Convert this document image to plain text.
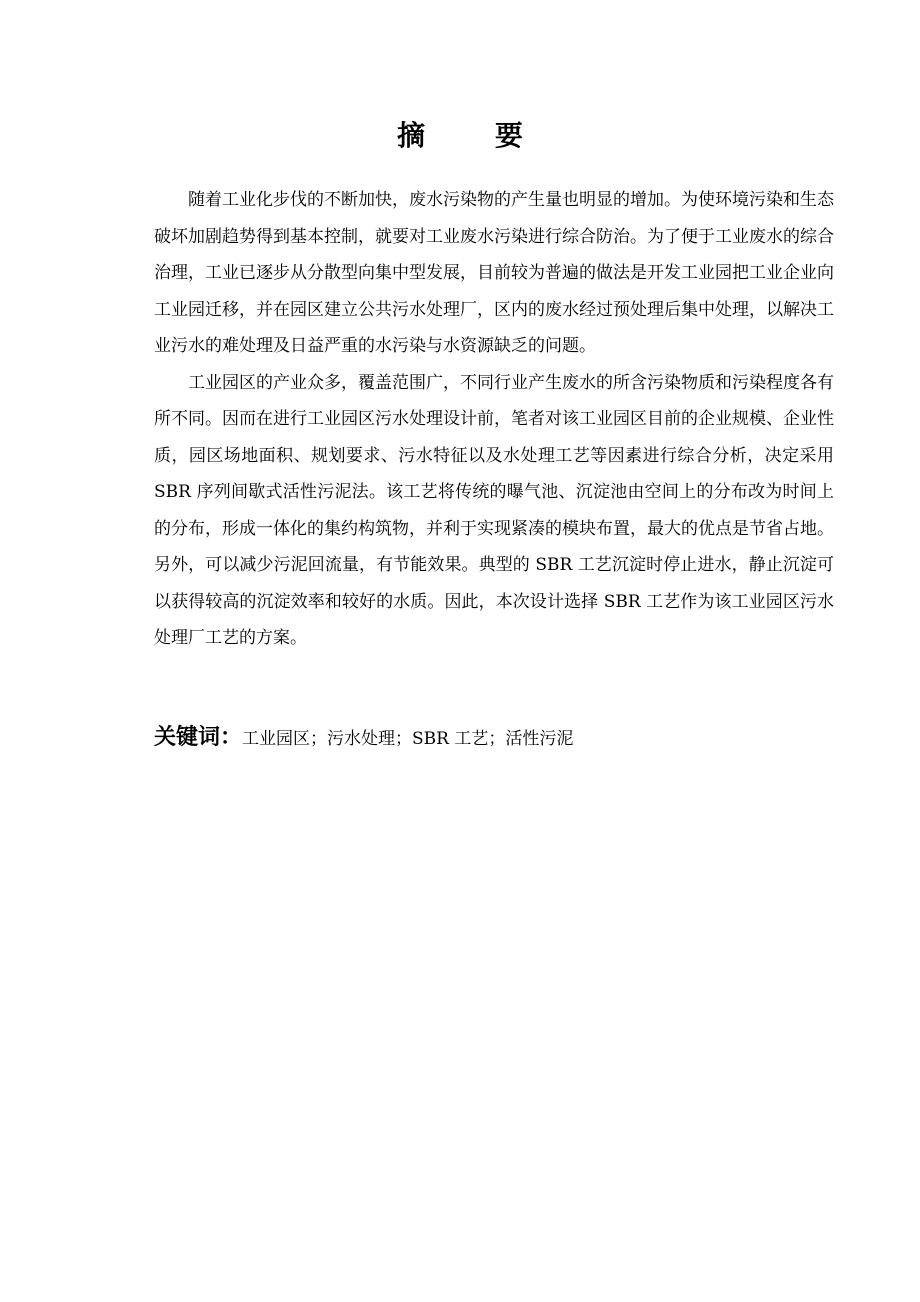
摘 要

随着工业化步伐的不断加快，废水污染物的产生量也明显的增加。为使环境污染和生态破坏加剧趋势得到基本控制，就要对工业废水污染进行综合防治。为了便于工业废水的综合治理，工业已逐步从分散型向集中型发展，目前较为普遍的做法是开发工业园把工业企业向工业园迁移，并在园区建立公共污水处理厂，区内的废水经过预处理后集中处理，以解决工业污水的难处理及日益严重的水污染与水资源缺乏的问题。

工业园区的产业众多，覆盖范围广，不同行业产生废水的所含污染物质和污染程度各有所不同。因而在进行工业园区污水处理设计前，笔者对该工业园区目前的企业规模、企业性质，园区场地面积、规划要求、污水特征以及水处理工艺等因素进行综合分析，决定采用 SBR 序列间歇式活性污泥法。该工艺将传统的曝气池、沉淀池由空间上的分布改为时间上的分布，形成一体化的集约构筑物，并利于实现紧凑的模块布置，最大的优点是节省占地。另外，可以减少污泥回流量，有节能效果。典型的 SBR 工艺沉淀时停止进水，静止沉淀可以获得较高的沉淀效率和较好的水质。因此，本次设计选择 SBR 工艺作为该工业园区污水处理厂工艺的方案。

关键词：工业园区；污水处理；SBR 工艺；活性污泥
